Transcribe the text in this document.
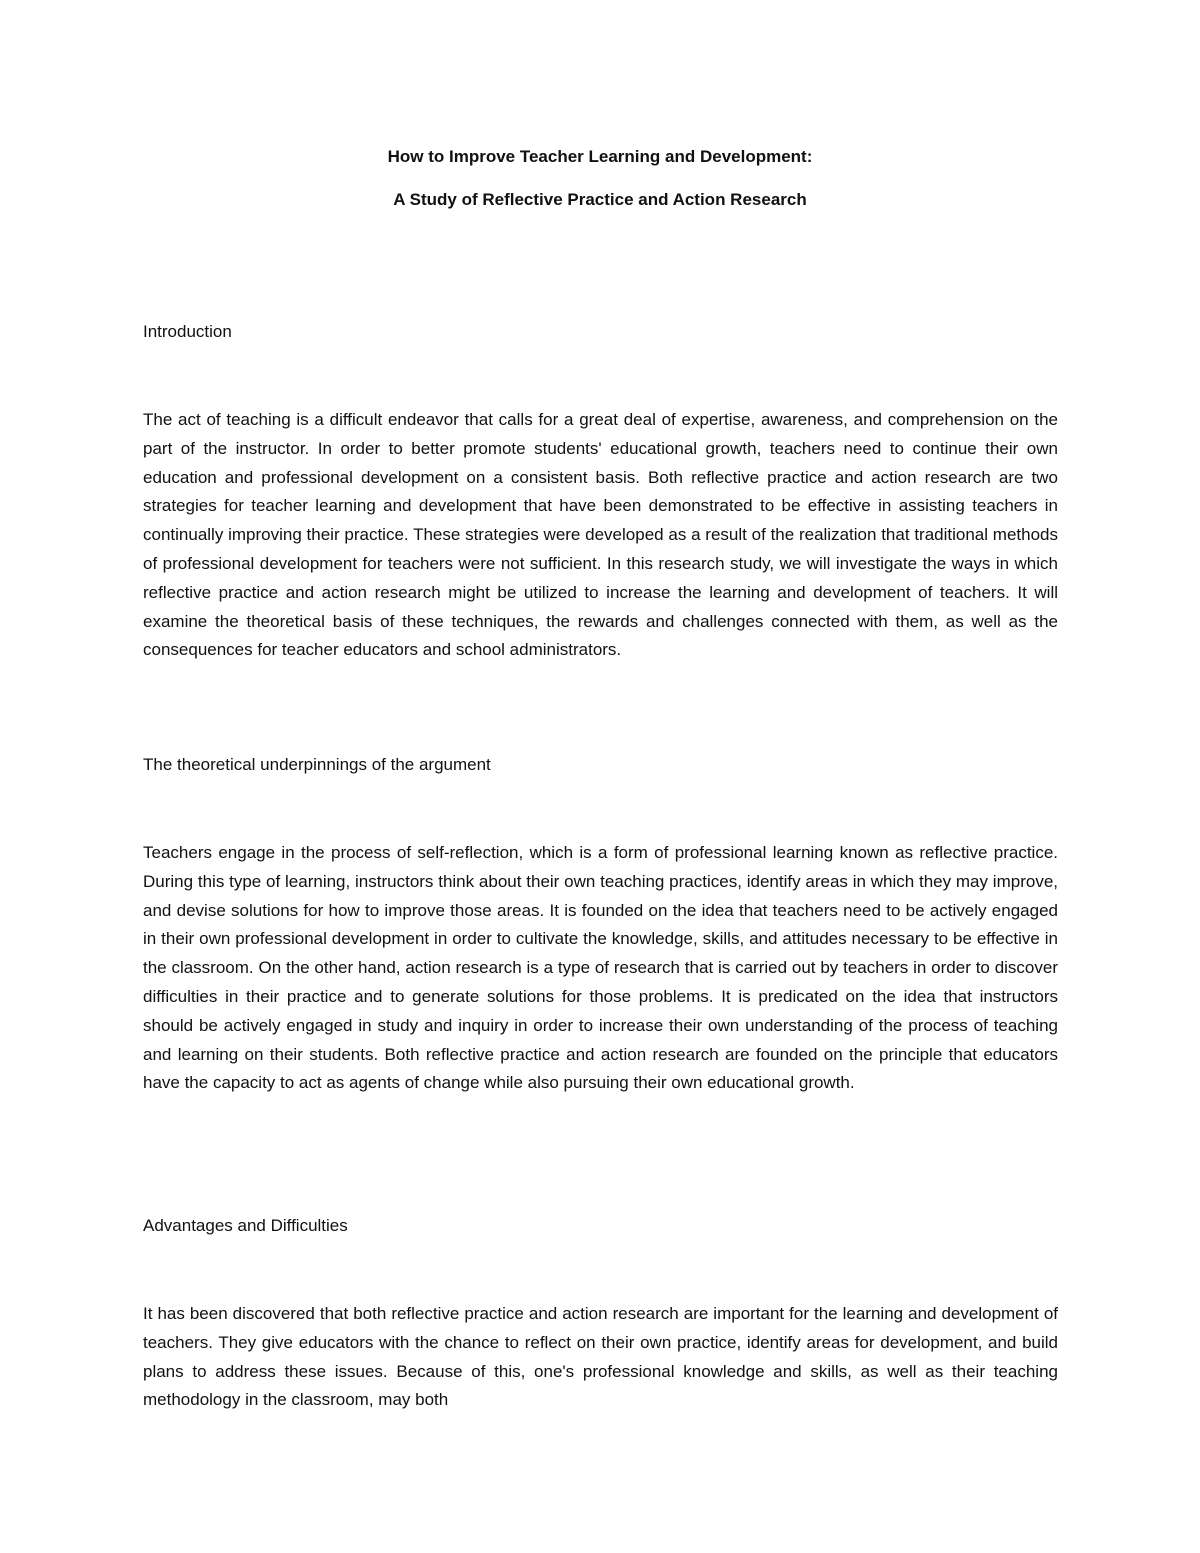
How to Improve Teacher Learning and Development:
A Study of Reflective Practice and Action Research
Introduction

The act of teaching is a difficult endeavor that calls for a great deal of expertise, awareness, and comprehension on the part of the instructor. In order to better promote students' educational growth, teachers need to continue their own education and professional development on a consistent basis. Both reflective practice and action research are two strategies for teacher learning and development that have been demonstrated to be effective in assisting teachers in continually improving their practice. These strategies were developed as a result of the realization that traditional methods of professional development for teachers were not sufficient. In this research study, we will investigate the ways in which reflective practice and action research might be utilized to increase the learning and development of teachers. It will examine the theoretical basis of these techniques, the rewards and challenges connected with them, as well as the consequences for teacher educators and school administrators.

The theoretical underpinnings of the argument

Teachers engage in the process of self-reflection, which is a form of professional learning known as reflective practice. During this type of learning, instructors think about their own teaching practices, identify areas in which they may improve, and devise solutions for how to improve those areas. It is founded on the idea that teachers need to be actively engaged in their own professional development in order to cultivate the knowledge, skills, and attitudes necessary to be effective in the classroom. On the other hand, action research is a type of research that is carried out by teachers in order to discover difficulties in their practice and to generate solutions for those problems. It is predicated on the idea that instructors should be actively engaged in study and inquiry in order to increase their own understanding of the process of teaching and learning on their students. Both reflective practice and action research are founded on the principle that educators have the capacity to act as agents of change while also pursuing their own educational growth.

Advantages and Difficulties

It has been discovered that both reflective practice and action research are important for the learning and development of teachers. They give educators with the chance to reflect on their own practice, identify areas for development, and build plans to address these issues. Because of this, one's professional knowledge and skills, as well as their teaching methodology in the classroom, may both
